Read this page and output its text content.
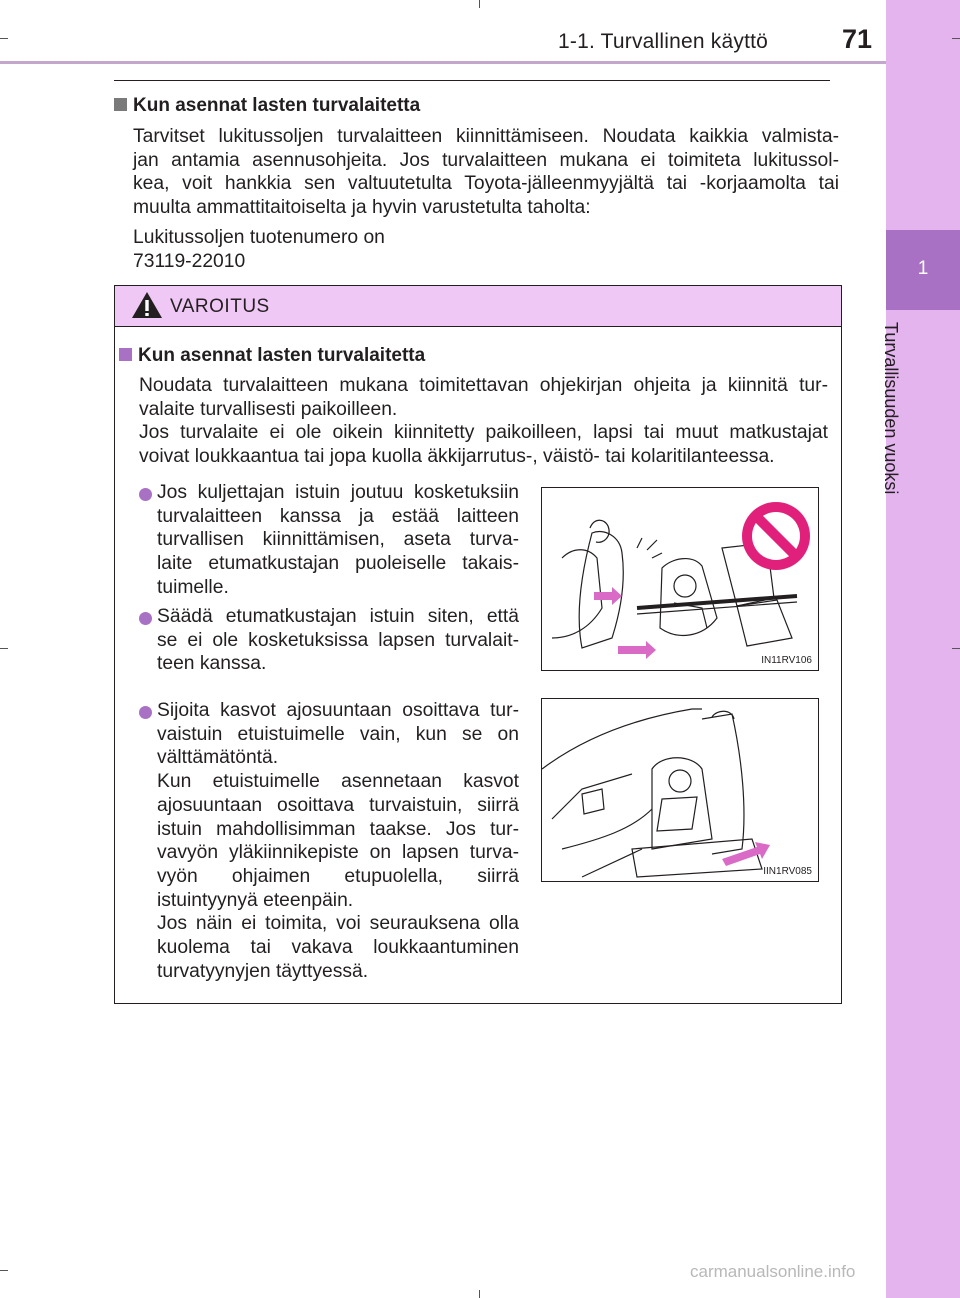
1-1. Turvallinen käyttö	71
1
Turvallisuuden vuoksi
Kun asennat lasten turvalaitetta
Tarvitset lukitussoljen turvalaitteen kiinnittämiseen. Noudata kaikkia valmista-
jan antamia asennusohjeita. Jos turvalaitteen mukana ei toimiteta lukitussol-
kea, voit hankkia sen valtuutetulta Toyota-jälleenmyyjältä tai -korjaamolta tai
muulta ammattitaitoiselta ja hyvin varustetulta taholta:
Lukitussoljen tuotenumero on
73119-22010
VAROITUS
Kun asennat lasten turvalaitetta
Noudata turvalaitteen mukana toimitettavan ohjekirjan ohjeita ja kiinnitä tur-
valaite turvallisesti paikoilleen.
Jos turvalaite ei ole oikein kiinnitetty paikoilleen, lapsi tai muut matkustajat
voivat loukkaantua tai jopa kuolla äkkijarrutus-, väistö- tai kolaritilanteessa.
Jos kuljettajan istuin joutuu kosketuksiin
turvalaitteen kanssa ja estää laitteen
turvallisen kiinnittämisen, aseta turva-
laite etumatkustajan puoleiselle takais-
tuimelle.
Säädä etumatkustajan istuin siten, että
se ei ole kosketuksissa lapsen turvalait-
teen kanssa.
Sijoita kasvot ajosuuntaan osoittava tur-
vaistuin etuistuimelle vain, kun se on
välttämätöntä.
Kun etuistuimelle asennetaan kasvot
ajosuuntaan osoittava turvaistuin, siirrä
istuin mahdollisimman taakse. Jos tur-
vavyön yläkiinnikepiste on lapsen turva-
vyön ohjaimen etupuolella, siirrä
istuintyynyä eteenpäin.
Jos näin ei toimita, voi seurauksena olla
kuolema tai vakava loukkaantuminen
turvatyynyjen täyttyessä.
IN11RV106
IIN1RV085
carmanualsonline.info
